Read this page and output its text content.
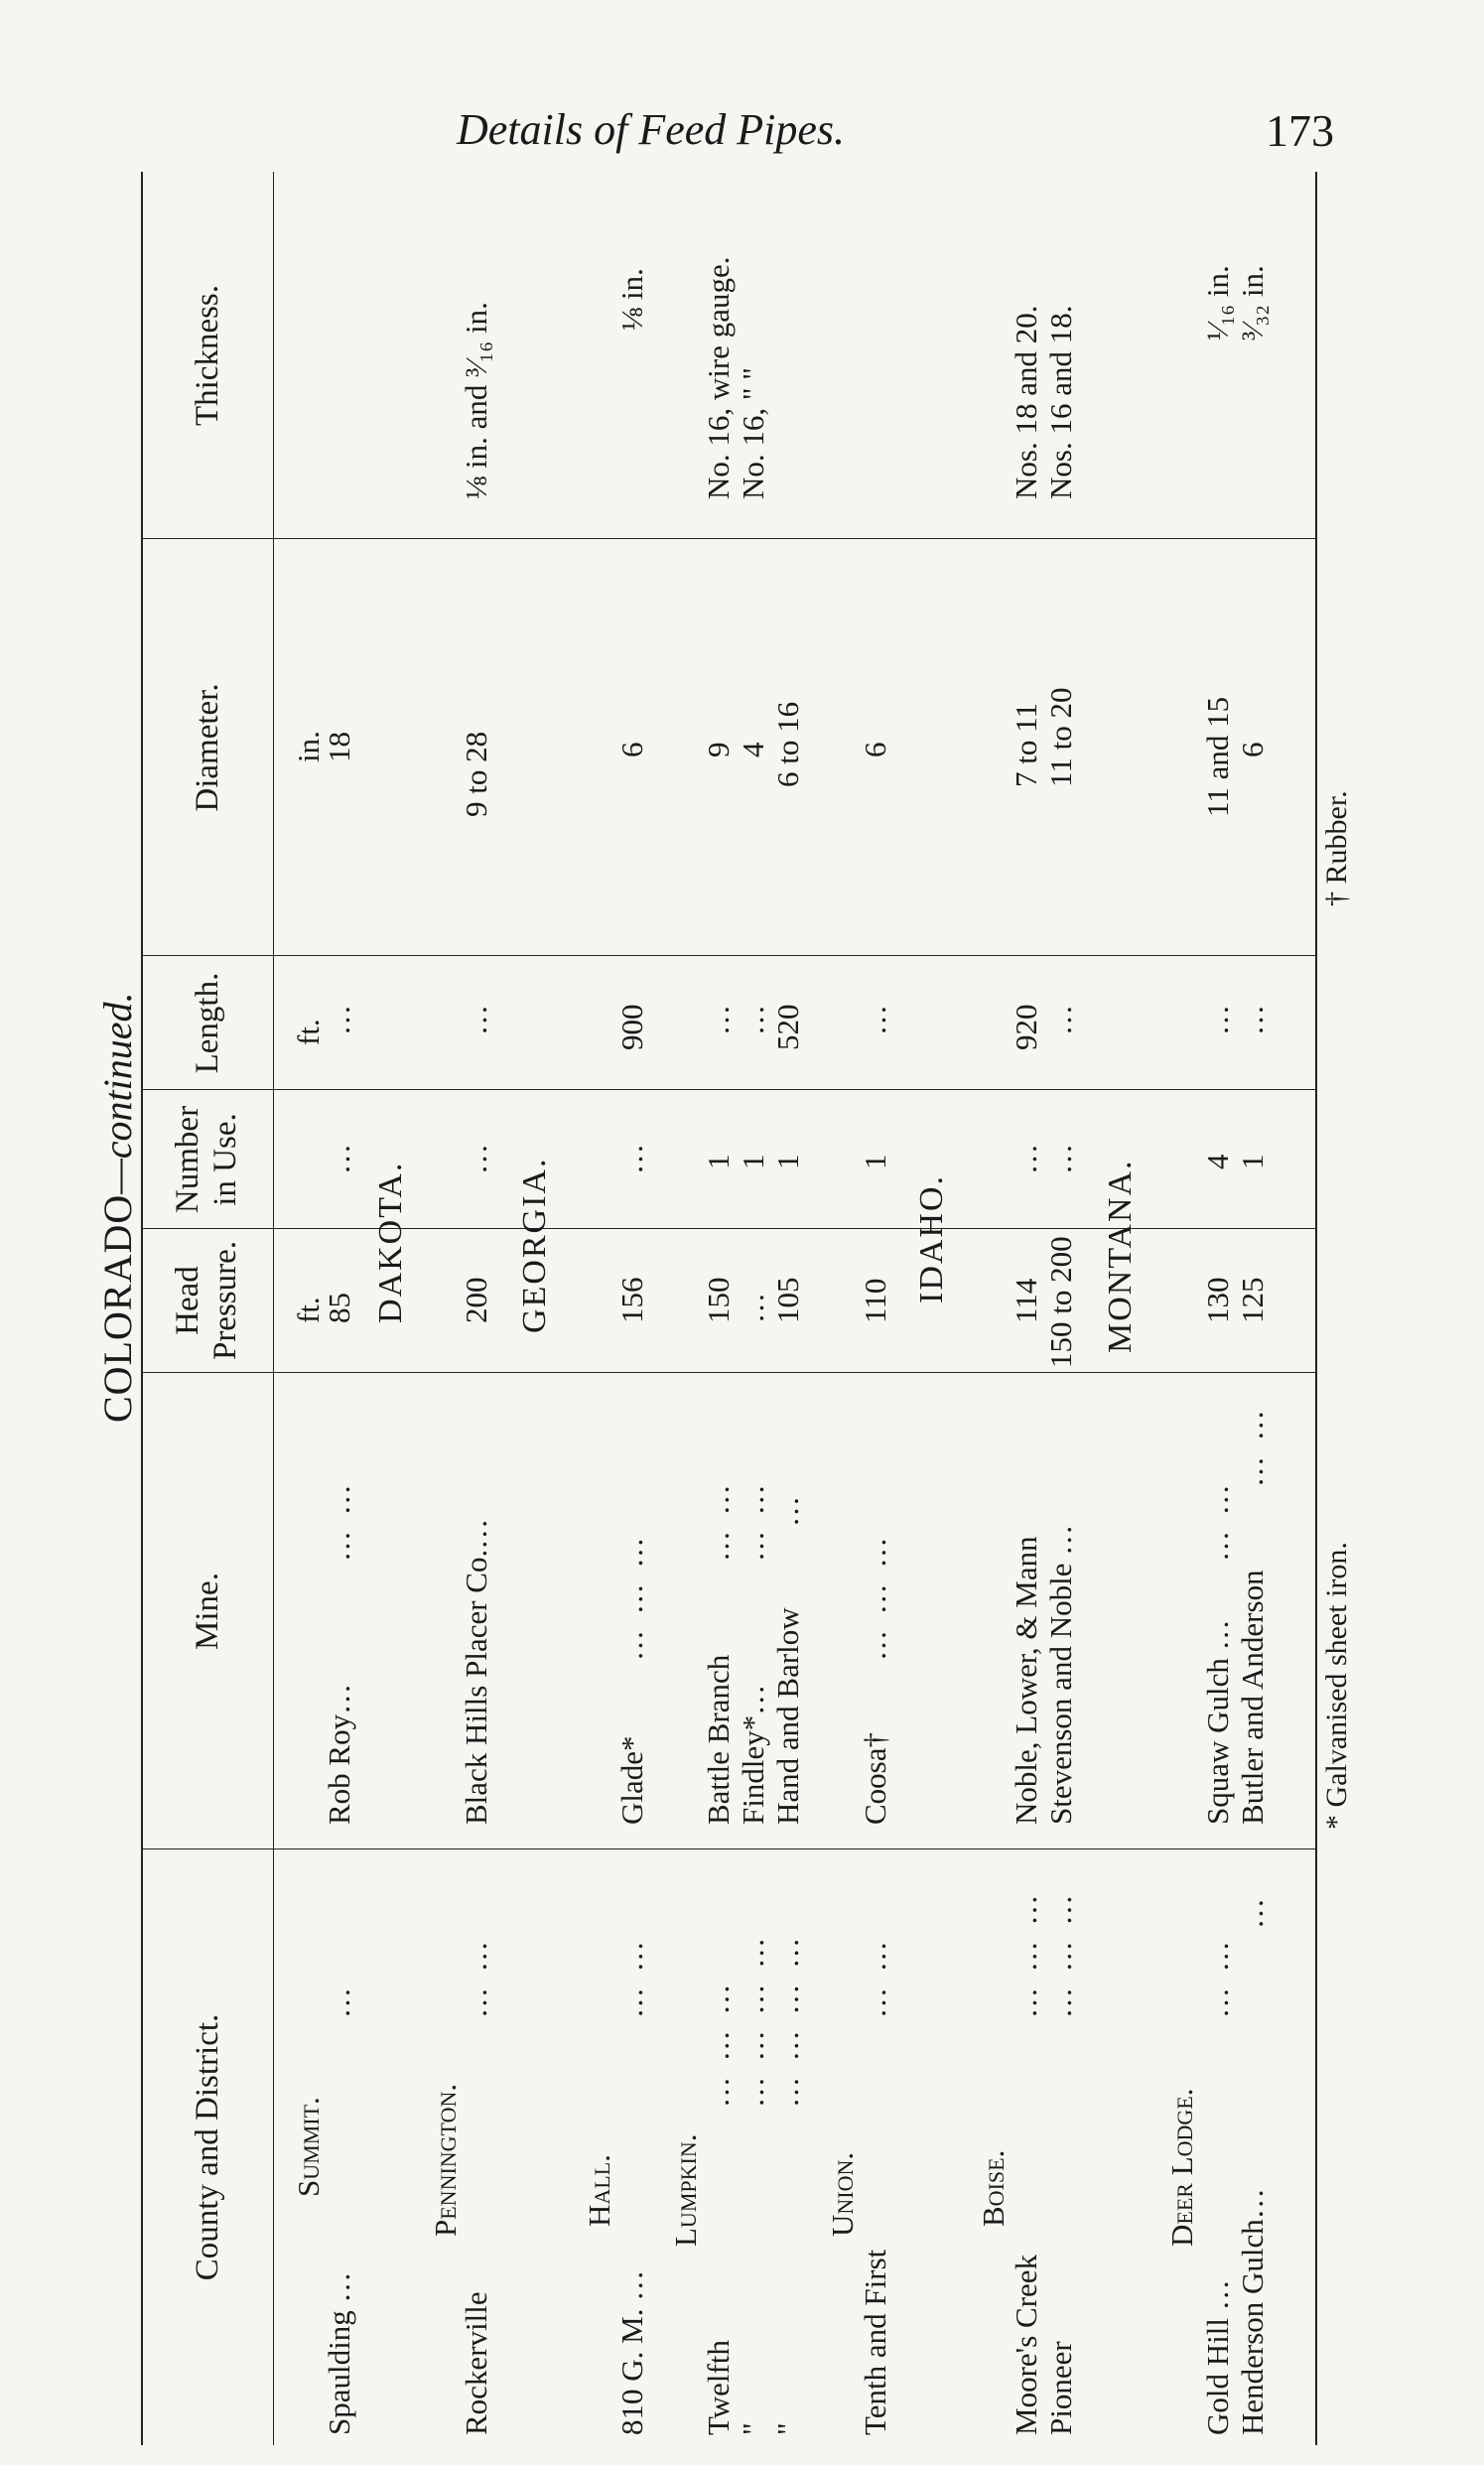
Details of Feed Pipes.	173
COLORADO—continued.
County and District.
Mine.
Head Pressure.
Number in Use.
Length.
Diameter.
Thickness.
Summit.
ft.
ft.
in.
Spaulding …
…
Rob Roy…
… …
85
…
…
18
DAKOTA.
Pennington.
Rockerville
… …
Black Hills Placer Co.…
200
…
…
9 to 28
⅛ in. and ³⁄₁₆ in.
GEORGIA.
Hall.
810 G. M. …
… …
Glade*
… … …
156
…
900
6
⅛ in.
Lumpkin.
Twelfth
… … …
Battle Branch
… …
150
1
…
9
No. 16, wire gauge.
"
… … … …
Findley*…
… …
…
1
…
4
No. 16, " "
"
… … … …
Hand and Barlow
…
105
1
520
6 to 16
Union.
Tenth and First
… …
Coosa†
… … …
110
1
…
6
IDAHO.
Boise.
Moore's Creek
… … …
Noble, Lower, & Mann
114
…
920
7 to 11
Nos. 18 and 20.
Pioneer
… … …
Stevenson and Noble …
150 to 200
…
…
11 to 20
Nos. 16 and 18.
MONTANA.
Deer Lodge.
Gold Hill …
… …
Squaw Gulch …
… …
130
4
…
11 and 15
¹⁄₁₆ in.
Henderson Gulch…
…
Butler and Anderson
… …
125
1
…
6
³⁄₃₂ in.
* Galvanised sheet iron.
† Rubber.
